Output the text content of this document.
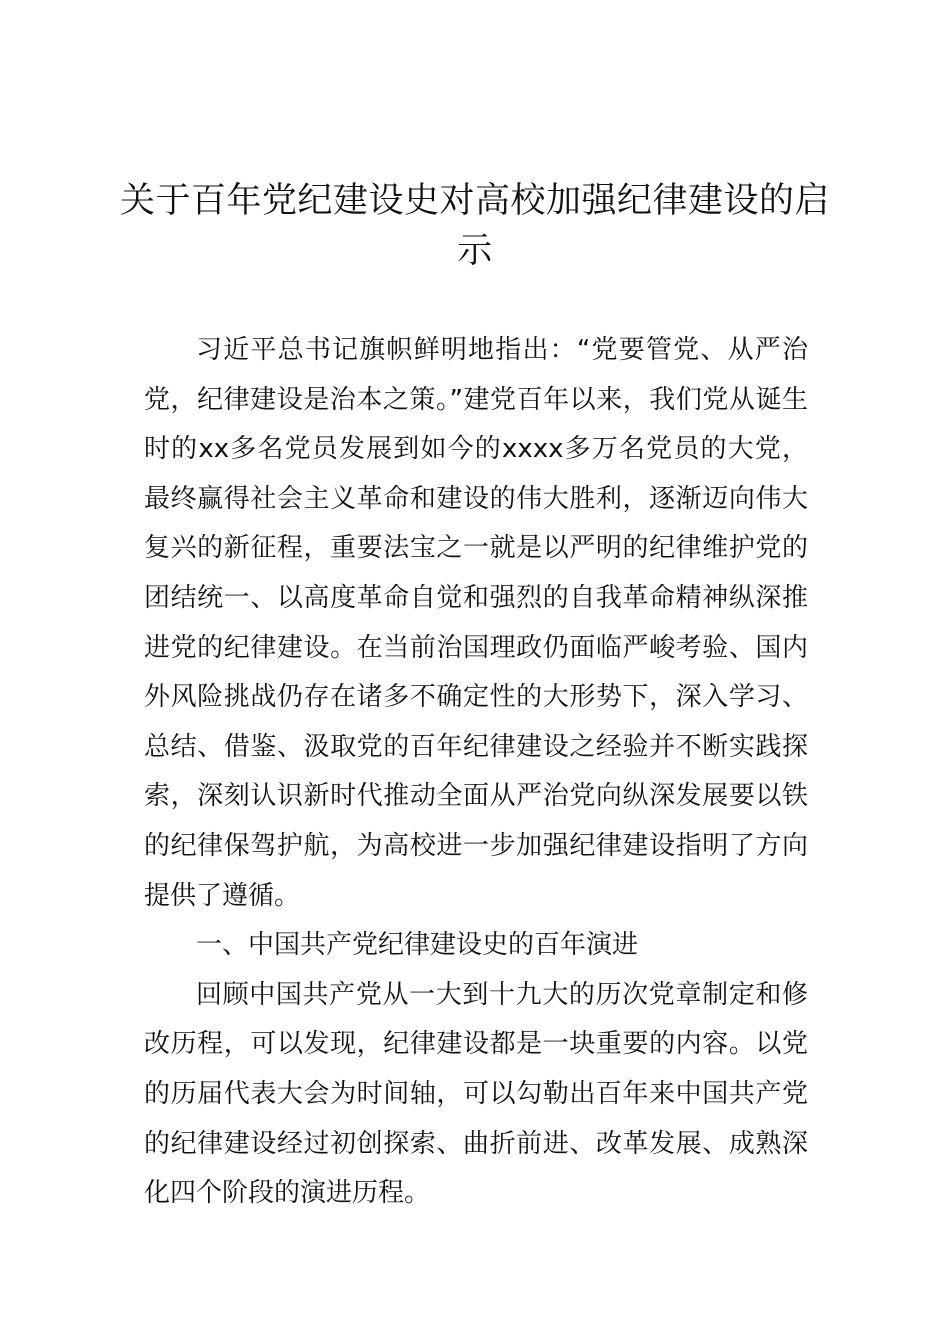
关于百年党纪建设史对高校加强纪律建设的启示

习近平总书记旗帜鲜明地指出：“党要管党、从严治党，纪律建设是治本之策。”建党百年以来，我们党从诞生时的xx多名党员发展到如今的xxxx多万名党员的大党，最终赢得社会主义革命和建设的伟大胜利，逐渐迈向伟大复兴的新征程，重要法宝之一就是以严明的纪律维护党的团结统一、以高度革命自觉和强烈的自我革命精神纵深推进党的纪律建设。在当前治国理政仍面临严峻考验、国内外风险挑战仍存在诸多不确定性的大形势下，深入学习、总结、借鉴、汲取党的百年纪律建设之经验并不断实践探索，深刻认识新时代推动全面从严治党向纵深发展要以铁的纪律保驾护航，为高校进一步加强纪律建设指明了方向提供了遵循。

一、中国共产党纪律建设史的百年演进

回顾中国共产党从一大到十九大的历次党章制定和修改历程，可以发现，纪律建设都是一块重要的内容。以党的历届代表大会为时间轴，可以勾勒出百年来中国共产党的纪律建设经过初创探索、曲折前进、改革发展、成熟深化四个阶段的演进历程。
